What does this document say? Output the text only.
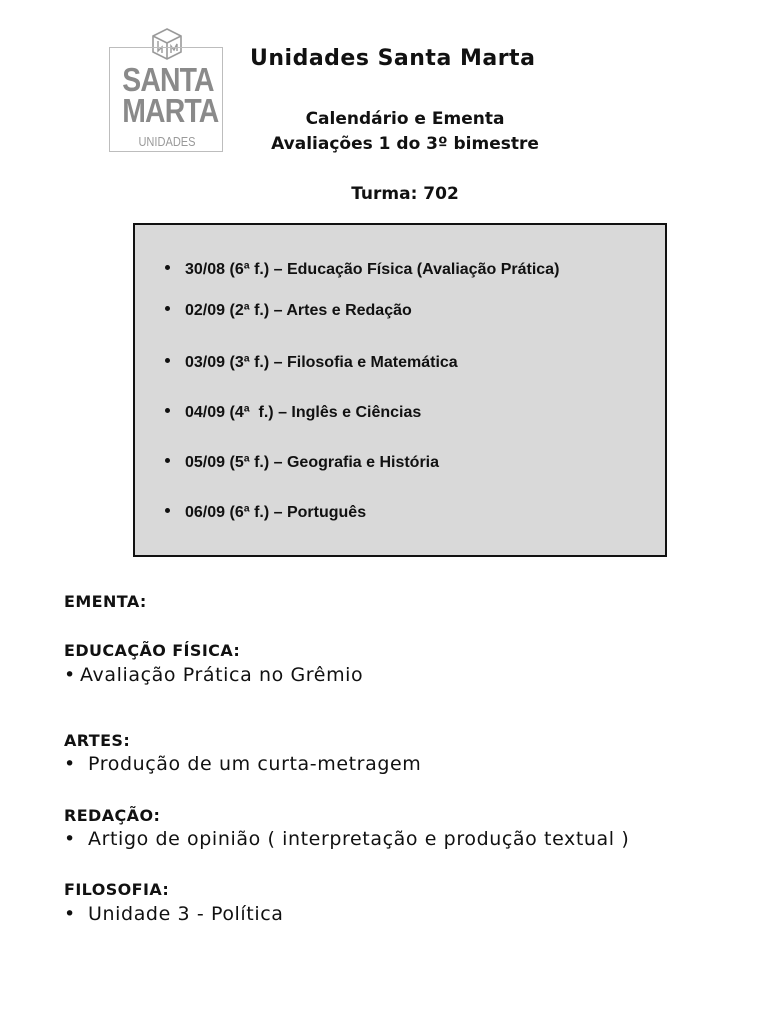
SANTA
MARTA
UNIDADES
Unidades Santa Marta
Calendário e Ementa
Avaliações 1 do 3º bimestre
Turma: 702
30/08 (6ª f.) – Educação Física (Avaliação Prática)
02/09 (2ª f.) – Artes e Redação
03/09 (3ª f.) – Filosofia e Matemática
04/09 (4ª  f.) – Inglês e Ciências
05/09 (5ª f.) – Geografia e História
06/09 (6ª f.) – Português
EMENTA:
EDUCAÇÃO FÍSICA:
• Avaliação Prática no Grêmio
ARTES:
• Produção de um curta-metragem
REDAÇÃO:
• Artigo de opinião ( interpretação e produção textual )
FILOSOFIA:
• Unidade 3 - Política
